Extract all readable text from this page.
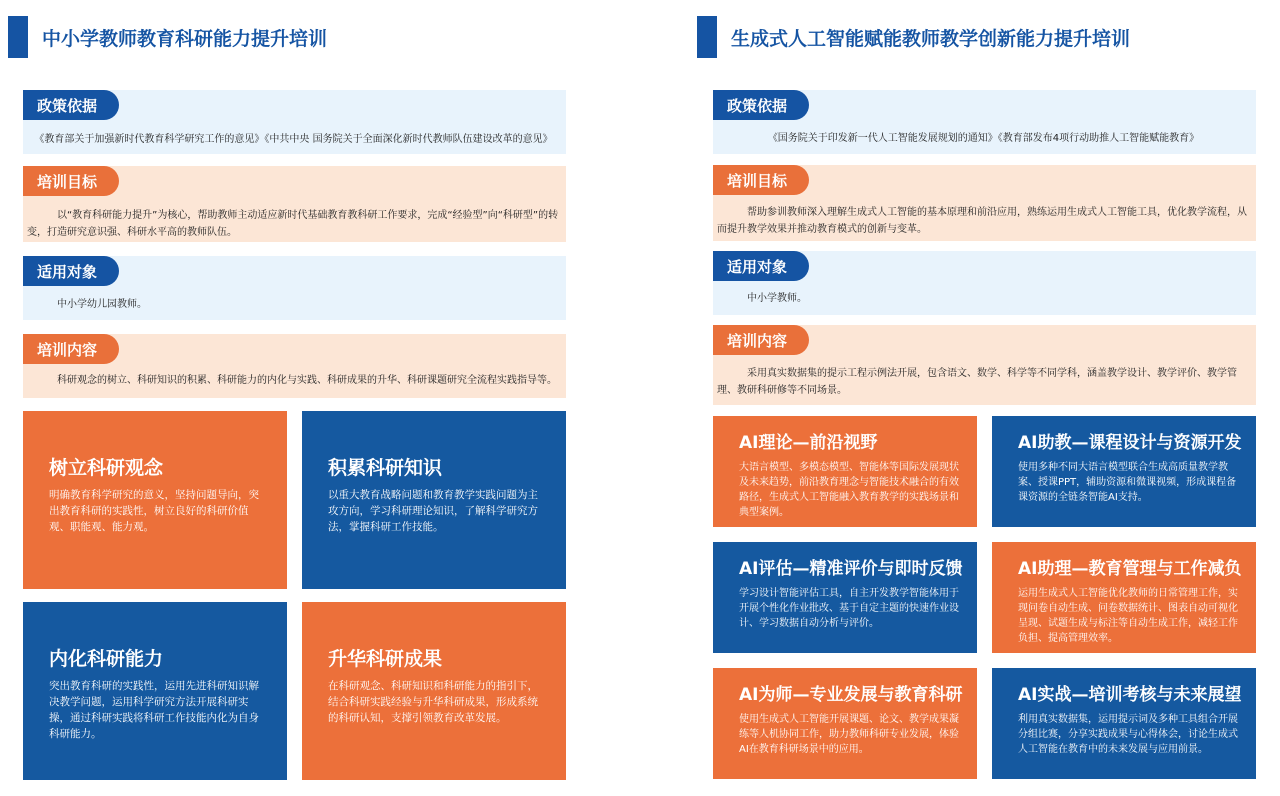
中小学教师教育科研能力提升培训
政策依据
《教育部关于加强新时代教育科学研究工作的意见》《中共中央 国务院关于全面深化新时代教师队伍建设改革的意见》
培训目标
以“教育科研能力提升”为核心，帮助教师主动适应新时代基础教育教科研工作要求，完成“经验型”向“科研型”的转变，打造研究意识强、科研水平高的教师队伍。
适用对象
中小学幼儿园教师。
培训内容
科研观念的树立、科研知识的积累、科研能力的内化与实践、科研成果的升华、科研课题研究全流程实践指导等。
树立科研观念
明确教育科学研究的意义，坚持问题导向，突出教育科研的实践性，树立良好的科研价值观、职能观、能力观。
积累科研知识
以重大教育战略问题和教育教学实践问题为主攻方向，学习科研理论知识，了解科学研究方法，掌握科研工作技能。
内化科研能力
突出教育科研的实践性，运用先进科研知识解决教学问题，运用科学研究方法开展科研实操，通过科研实践将科研工作技能内化为自身科研能力。
升华科研成果
在科研观念、科研知识和科研能力的指引下，结合科研实践经验与升华科研成果，形成系统的科研认知，支撑引领教育改革发展。
生成式人工智能赋能教师教学创新能力提升培训
政策依据
《国务院关于印发新一代人工智能发展规划的通知》《教育部发布4项行动助推人工智能赋能教育》
培训目标
帮助参训教师深入理解生成式人工智能的基本原理和前沿应用，熟练运用生成式人工智能工具，优化教学流程，从而提升教学效果并推动教育模式的创新与变革。
适用对象
中小学教师。
培训内容
采用真实数据集的提示工程示例法开展，包含语文、数学、科学等不同学科，涵盖教学设计、教学评价、教学管理、教研科研修等不同场景。
AI理论—前沿视野
大语言模型、多模态模型、智能体等国际发展现状及未来趋势，前沿教育理念与智能技术融合的有效路径，生成式人工智能融入教育教学的实践场景和典型案例。
AI助教—课程设计与资源开发
使用多种不同大语言模型联合生成高质量教学教案、授课PPT，辅助资源和微课视频，形成课程备课资源的全链条智能AI支持。
AI评估—精准评价与即时反馈
学习设计智能评估工具，自主开发教学智能体用于开展个性化作业批改、基于自定主题的快速作业设计、学习数据自动分析与评价。
AI助理—教育管理与工作减负
运用生成式人工智能优化教师的日常管理工作，实现问卷自动生成、问卷数据统计、图表自动可视化呈现、试题生成与标注等自动生成工作，减轻工作负担、提高管理效率。
AI为师—专业发展与教育科研
使用生成式人工智能开展课题、论文、教学成果凝练等人机协同工作，助力教师科研专业发展，体验AI在教育科研场景中的应用。
AI实战—培训考核与未来展望
利用真实数据集，运用提示词及多种工具组合开展分组比赛，分享实践成果与心得体会，讨论生成式人工智能在教育中的未来发展与应用前景。
